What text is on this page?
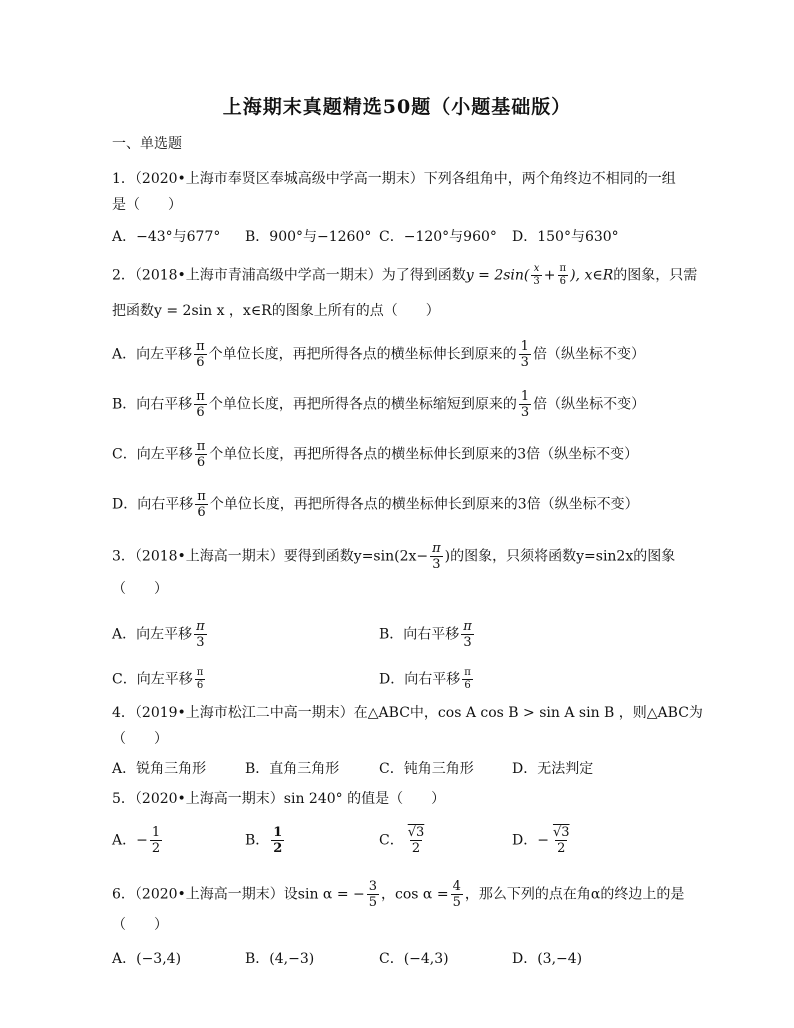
上海期末真题精选50题（小题基础版）
一、单选题
1．（2020•上海市奉贤区奉城高级中学高一期末）下列各组角中，两个角终边不相同的一组
是（　　）
A．−43°与677° B．900°与−1260° C．−120°与960° D．150°与630°
2．（2018•上海市青浦高级中学高一期末）为了得到函数$y = 2\sin( \frac{x}{3} + \frac{\pi}{6}$ ), x∈R的图象，只需
把函数y = 2sin x ，x∈R的图象上所有的点（　　）
A．向左平移 $\frac{\pi}{6}$ 个单位长度，再把所得各点的横坐标伸长到原来的 $\frac{1}{3}$ 倍（纵坐标不变）
B．向右平移 $\frac{\pi}{6}$ 个单位长度，再把所得各点的横坐标缩短到原来的 $\frac{1}{3}$ 倍（纵坐标不变）
C．向左平移 $\frac{\pi}{6}$ 个单位长度，再把所得各点的横坐标伸长到原来的3倍（纵坐标不变）
D．向右平移 $\frac{\pi}{6}$ 个单位长度，再把所得各点的横坐标伸长到原来的3倍（纵坐标不变）
3．（2018•上海高一期末）要得到函数$y=\sin(2x- \frac{\pi}{3}$ )的图象，只须将函数y=sin2x的图象
（　　）
A．向左平移 $\frac{\pi}{3}$	B．向右平移 $\frac{\pi}{3}$
C．向左平移 $\frac{\pi}{6}$	D．向右平移 $\frac{\pi}{6}$
4．（2019•上海市松江二中高一期末）在△ABC中，cos A cos B > sin A sin B ，则△ABC为
（　　）
A．锐角三角形	B．直角三角形	C．钝角三角形	D．无法判定
5．（2020•上海高一期末）sin 240° 的值是（　　）
A．− $\frac{1}{2}$	B． $\frac{1}{2}$	C． $\frac{√3}{2}$	D．− $\frac{√3}{2}$
6．（2020•上海高一期末）设sin α = − $\frac{3}{5}$ ，$\cos \alpha = \frac{4}{5}$ ，那么下列的点在角α的终边上的是
（　　）
A．(−3,4)	B．(4,−3)	C．(−4,3)	D．(3,−4)
